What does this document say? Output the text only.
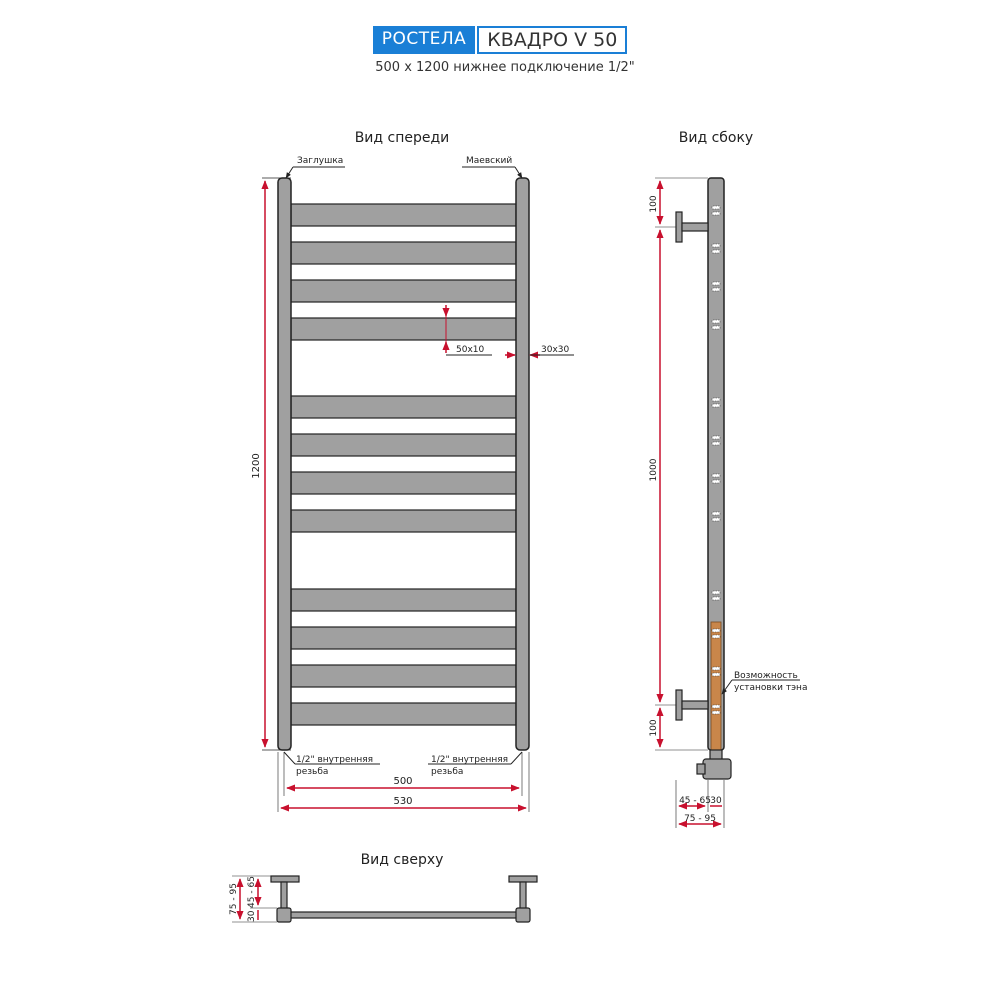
РОСТЕЛА	КВАДРО V 50
500 х 1200 нижнее подключение 1/2"
Вид спереди
Заглушка	Маевский
50x10	30x30
1200
1/2" внутренняя
резьба
1/2" внутренняя
резьба
500
530
Вид сбоку
100
1000
100
Возможность
установки тэна
45 - 65 30
75 - 95
Вид сверху
75 - 95
30
45 - 65
